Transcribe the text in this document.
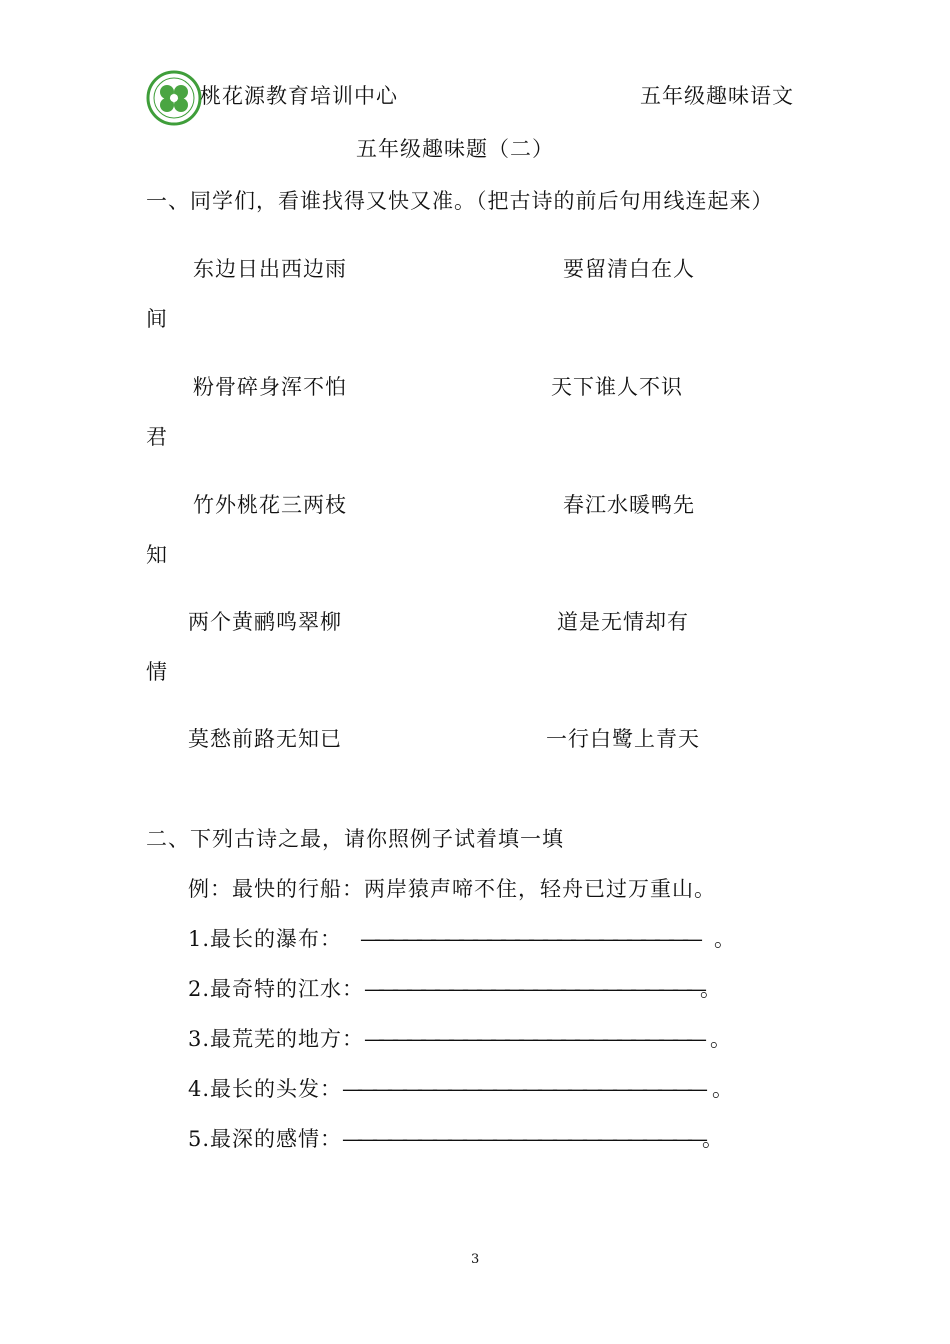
桃花源教育培训中心	五年级趣味语文
五年级趣味题（二）
一、同学们，看谁找得又快又准。（把古诗的前后句用线连起来）
东边日出西边雨	要留清白在人
间
粉骨碎身浑不怕	天下谁人不识
君
竹外桃花三两枝	春江水暖鸭先
知
两个黄鹂鸣翠柳	道是无情却有
情
莫愁前路无知已	一行白鹭上青天
二、下列古诗之最，请你照例子试着填一填
例：最快的行船：两岸猿声啼不住，轻舟已过万重山。
1.最长的瀑布： ———————————————————————— 。
2.最奇特的江水：————————————————————————。
3.最荒芜的地方：———————————————————————— 。
4.最长的头发：———————————————————————— 。
5.最深的感情：————————————————————————。
3
